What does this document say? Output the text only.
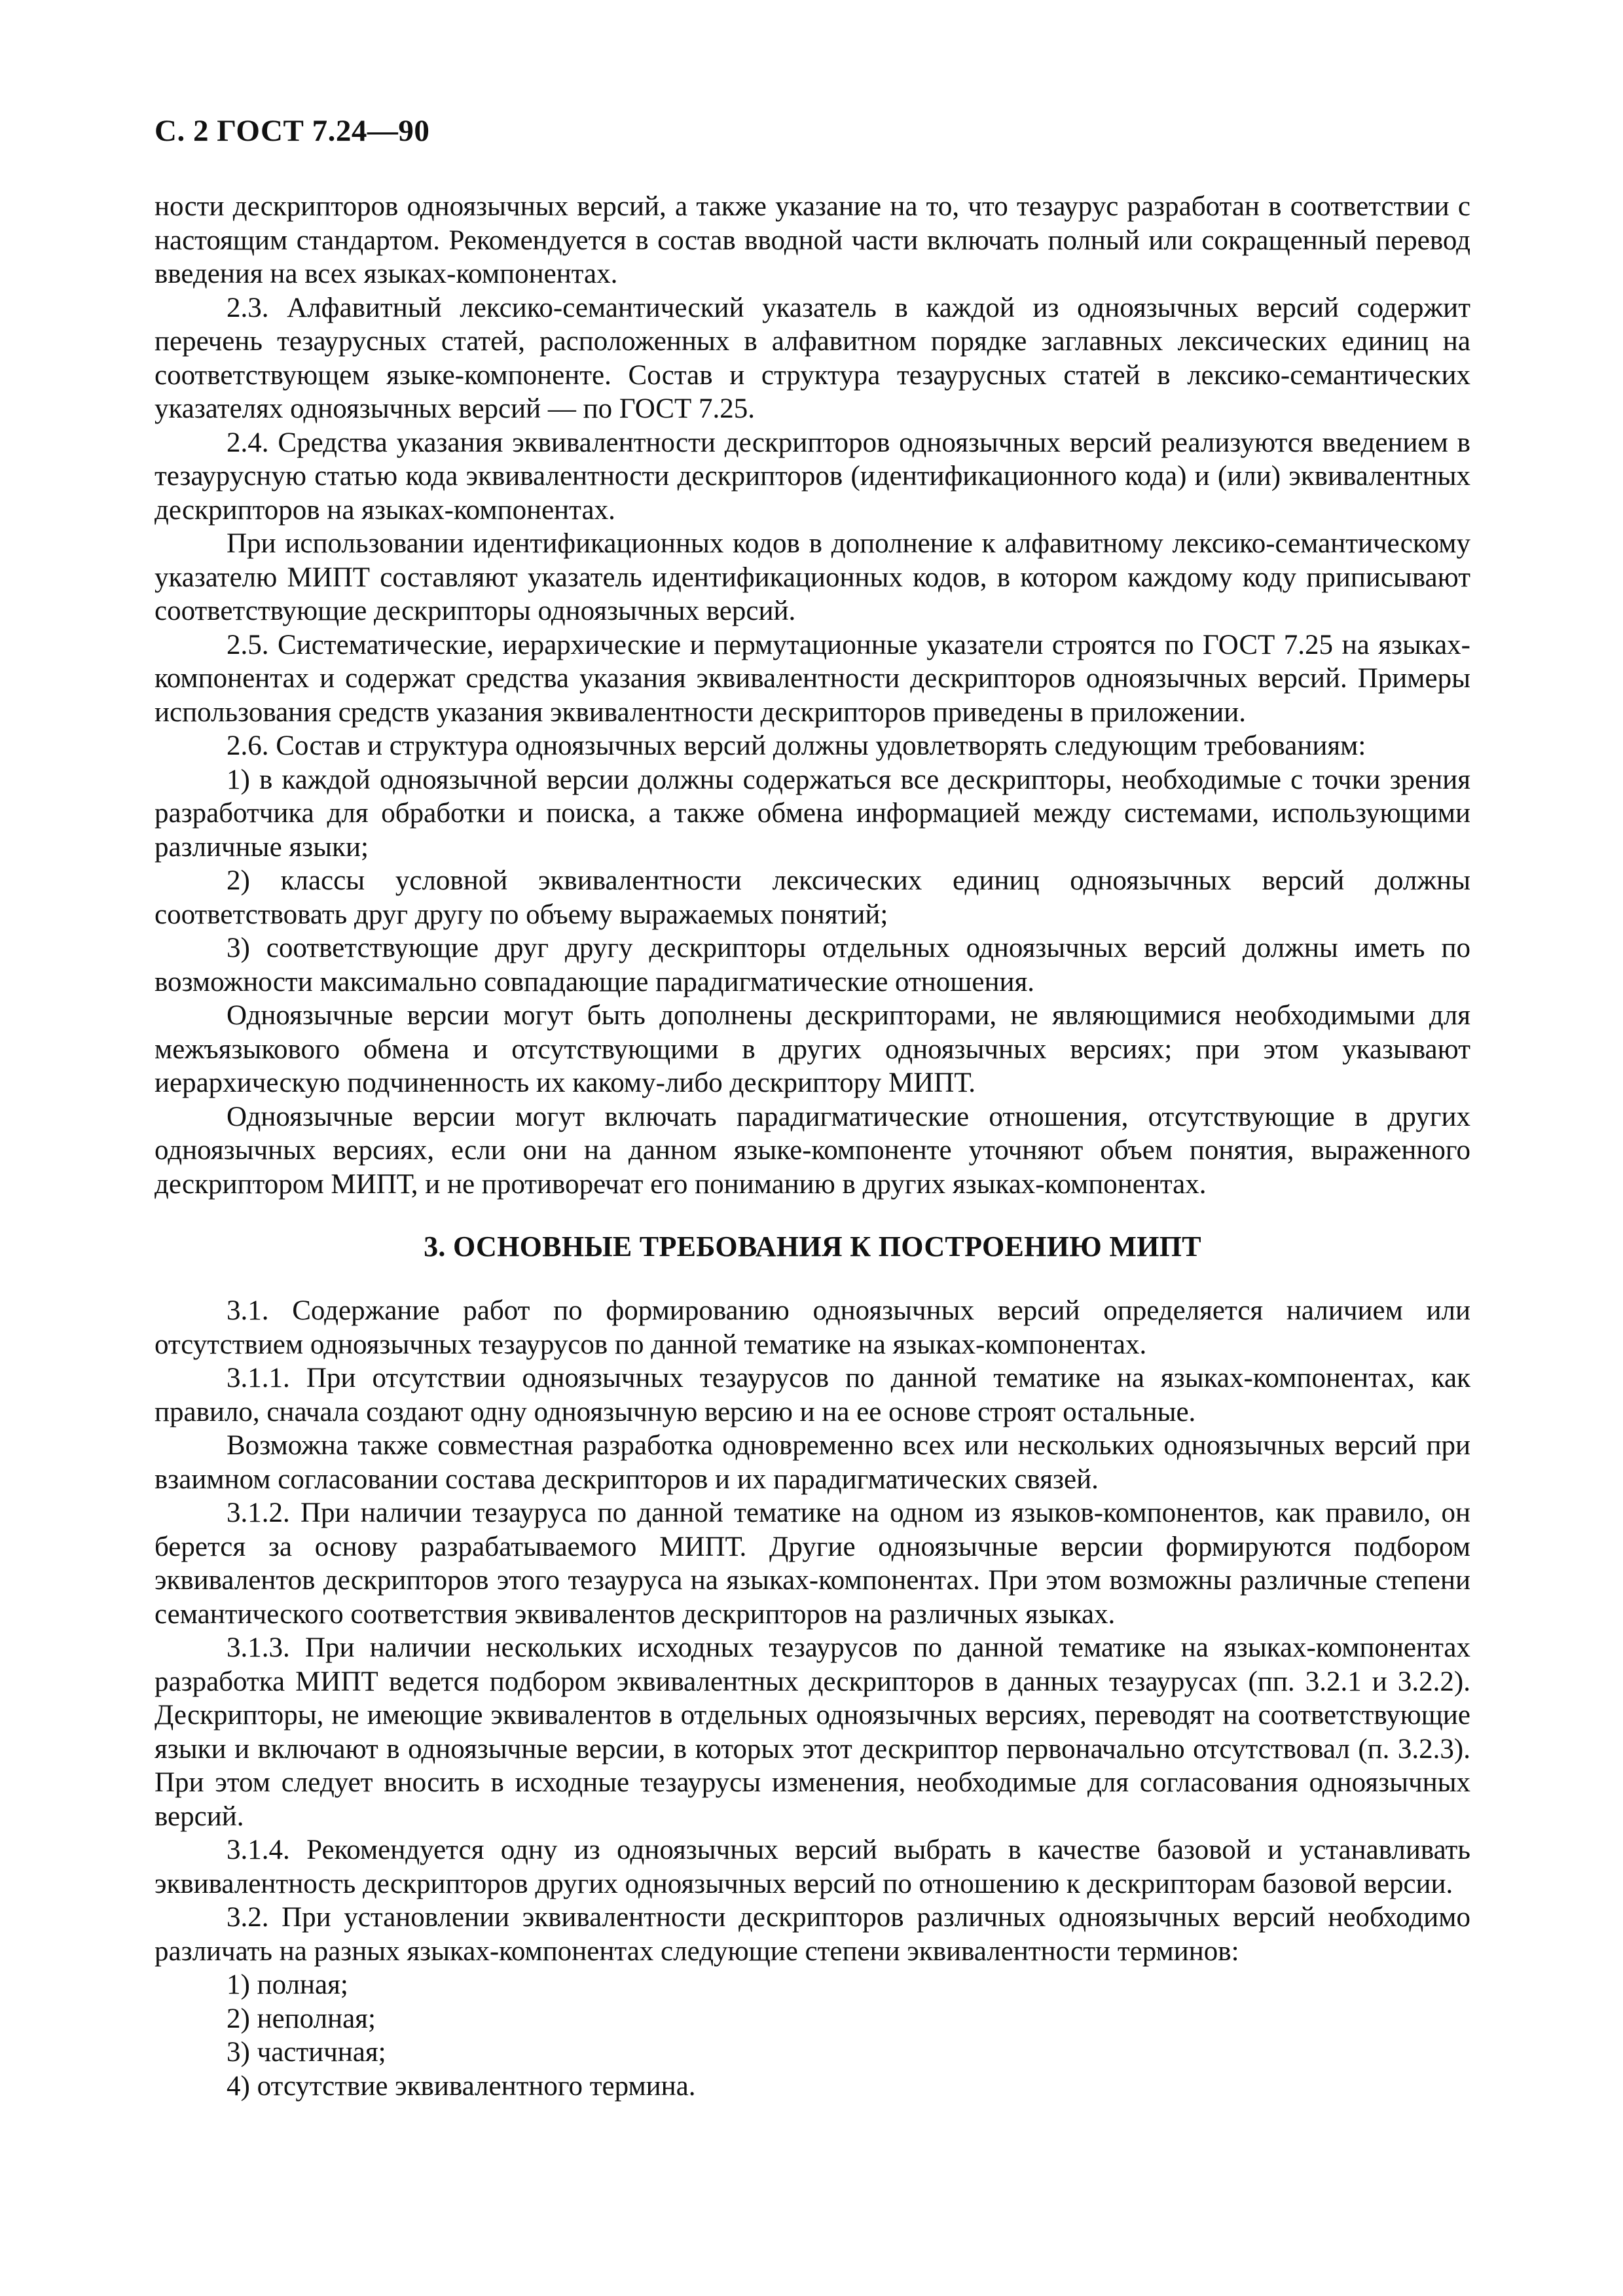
С. 2 ГОСТ 7.24—90

ности дескрипторов одноязычных версий, а также указание на то, что тезаурус разработан в соответствии с настоящим стандартом. Рекомендуется в состав вводной части включать полный или сокращенный перевод введения на всех языках-компонентах.

2.3. Алфавитный лексико-семантический указатель в каждой из одноязычных версий содержит перечень тезаурусных статей, расположенных в алфавитном порядке заглавных лексических единиц на соответствующем языке-компоненте. Состав и структура тезаурусных статей в лексико-семантических указателях одноязычных версий — по ГОСТ 7.25.

2.4. Средства указания эквивалентности дескрипторов одноязычных версий реализуются введением в тезаурусную статью кода эквивалентности дескрипторов (идентификационного кода) и (или) эквивалентных дескрипторов на языках-компонентах.

При использовании идентификационных кодов в дополнение к алфавитному лексико-семантическому указателю МИПТ составляют указатель идентификационных кодов, в котором каждому коду приписывают соответствующие дескрипторы одноязычных версий.

2.5. Систематические, иерархические и пермутационные указатели строятся по ГОСТ 7.25 на языках-компонентах и содержат средства указания эквивалентности дескрипторов одноязычных версий. Примеры использования средств указания эквивалентности дескрипторов приведены в приложении.

2.6. Состав и структура одноязычных версий должны удовлетворять следующим требованиям:

1) в каждой одноязычной версии должны содержаться все дескрипторы, необходимые с точки зрения разработчика для обработки и поиска, а также обмена информацией между системами, использующими различные языки;

2) классы условной эквивалентности лексических единиц одноязычных версий должны соответствовать друг другу по объему выражаемых понятий;

3) соответствующие друг другу дескрипторы отдельных одноязычных версий должны иметь по возможности максимально совпадающие парадигматические отношения.

Одноязычные версии могут быть дополнены дескрипторами, не являющимися необходимыми для межъязыкового обмена и отсутствующими в других одноязычных версиях; при этом указывают иерархическую подчиненность их какому-либо дескриптору МИПТ.

Одноязычные версии могут включать парадигматические отношения, отсутствующие в других одноязычных версиях, если они на данном языке-компоненте уточняют объем понятия, выраженного дескриптором МИПТ, и не противоречат его пониманию в других языках-компонентах.

3. ОСНОВНЫЕ ТРЕБОВАНИЯ К ПОСТРОЕНИЮ МИПТ

3.1. Содержание работ по формированию одноязычных версий определяется наличием или отсутствием одноязычных тезаурусов по данной тематике на языках-компонентах.

3.1.1. При отсутствии одноязычных тезаурусов по данной тематике на языках-компонентах, как правило, сначала создают одну одноязычную версию и на ее основе строят остальные.

Возможна также совместная разработка одновременно всех или нескольких одноязычных версий при взаимном согласовании состава дескрипторов и их парадигматических связей.

3.1.2. При наличии тезауруса по данной тематике на одном из языков-компонентов, как правило, он берется за основу разрабатываемого МИПТ. Другие одноязычные версии формируются подбором эквивалентов дескрипторов этого тезауруса на языках-компонентах. При этом возможны различные степени семантического соответствия эквивалентов дескрипторов на различных языках.

3.1.3. При наличии нескольких исходных тезаурусов по данной тематике на языках-компонентах разработка МИПТ ведется подбором эквивалентных дескрипторов в данных тезаурусах (пп. 3.2.1 и 3.2.2). Дескрипторы, не имеющие эквивалентов в отдельных одноязычных версиях, переводят на соответствующие языки и включают в одноязычные версии, в которых этот дескриптор первоначально отсутствовал (п. 3.2.3). При этом следует вносить в исходные тезаурусы изменения, необходимые для согласования одноязычных версий.

3.1.4. Рекомендуется одну из одноязычных версий выбрать в качестве базовой и устанавливать эквивалентность дескрипторов других одноязычных версий по отношению к дескрипторам базовой версии.

3.2. При установлении эквивалентности дескрипторов различных одноязычных версий необходимо различать на разных языках-компонентах следующие степени эквивалентности терминов:

1) полная;

2) неполная;

3) частичная;

4) отсутствие эквивалентного термина.
